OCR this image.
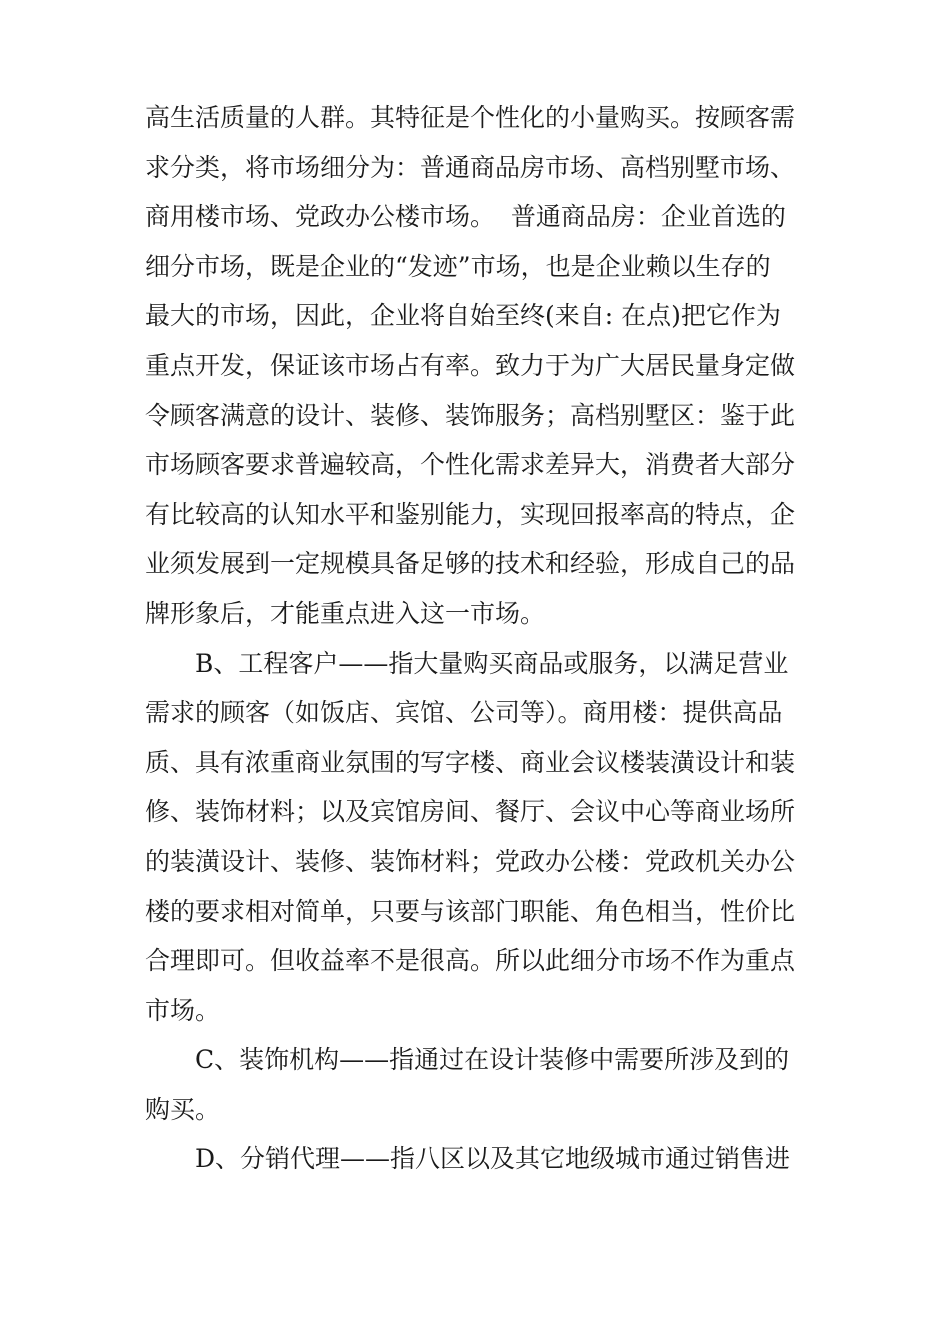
高生活质量的人群。其特征是个性化的小量购买。按顾客需
求分类，将市场细分为：普通商品房市场、高档别墅市场、
商用楼市场、党政办公楼市场。  普通商品房：企业首选的
细分市场，既是企业的“发迹”市场，也是企业赖以生存的
最大的市场，因此，企业将自始至终(来自: 在点)把它作为
重点开发，保证该市场占有率。致力于为广大居民量身定做
令顾客满意的设计、装修、装饰服务；高档别墅区：鉴于此
市场顾客要求普遍较高，个性化需求差异大，消费者大部分
有比较高的认知水平和鉴别能力，实现回报率高的特点，企
业须发展到一定规模具备足够的技术和经验，形成自己的品
牌形象后，才能重点进入这一市场。
B、工程客户——指大量购买商品或服务，以满足营业
需求的顾客（如饭店、宾馆、公司等）。商用楼：提供高品
质、具有浓重商业氛围的写字楼、商业会议楼装潢设计和装
修、装饰材料；以及宾馆房间、餐厅、会议中心等商业场所
的装潢设计、装修、装饰材料；党政办公楼：党政机关办公
楼的要求相对简单，只要与该部门职能、角色相当，性价比
合理即可。但收益率不是很高。所以此细分市场不作为重点
市场。
C、装饰机构——指通过在设计装修中需要所涉及到的
购买。
D、分销代理——指八区以及其它地级城市通过销售进
